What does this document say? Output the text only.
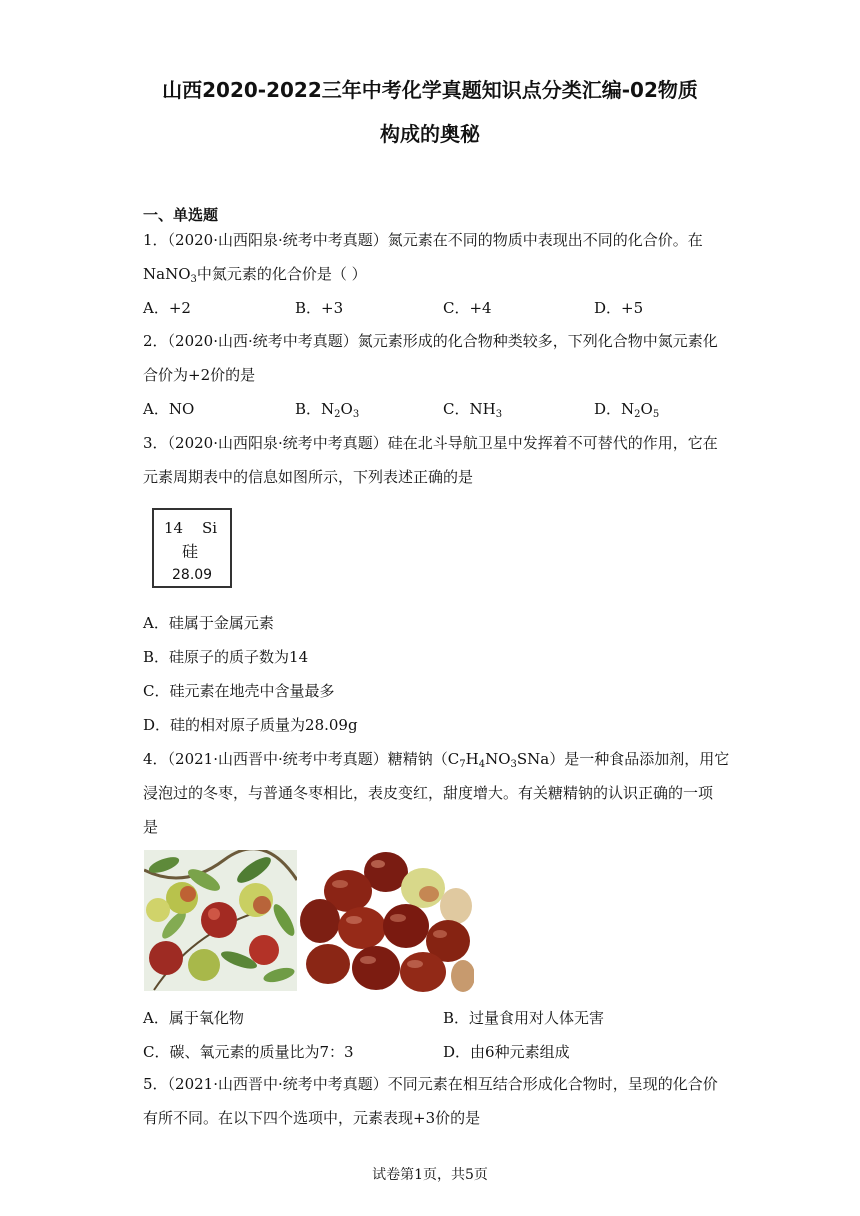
山西2020-2022三年中考化学真题知识点分类汇编-02物质
构成的奥秘
一、单选题
1．（2020·山西阳泉·统考中考真题）氮元素在不同的物质中表现出不同的化合价。在
NaNO$_3$中氮元素的化合价是（ ）
A．+2	B．+3	C．+4	D．+5
2．（2020·山西·统考中考真题）氮元素形成的化合物种类较多，下列化合物中氮元素化
合价为+2价的是
A．NO	B．$N_2O_3$	C．$NH_3$	D．$N_2O_5$
3．（2020·山西阳泉·统考中考真题）硅在北斗导航卫星中发挥着不可替代的作用，它在
元素周期表中的信息如图所示，下列表述正确的是
14 Si
硅
28.09
A．硅属于金属元素
B．硅原子的质子数为14
C．硅元素在地壳中含量最多
D．硅的相对原子质量为28.09g
4．（2021·山西晋中·统考中考真题）糖精钠$(C_7H_4NO_3SNa)$是一种食品添加剂，用它
浸泡过的冬枣，与普通冬枣相比，表皮变红，甜度增大。有关糖精钠的认识正确的一项
是
A．属于氧化物	B．过量食用对人体无害
C．碳、氧元素的质量比为7：3	D．由6种元素组成
5．（2021·山西晋中·统考中考真题）不同元素在相互结合形成化合物时，呈现的化合价
有所不同。在以下四个选项中，元素表现+3价的是
试卷第1页，共5页
